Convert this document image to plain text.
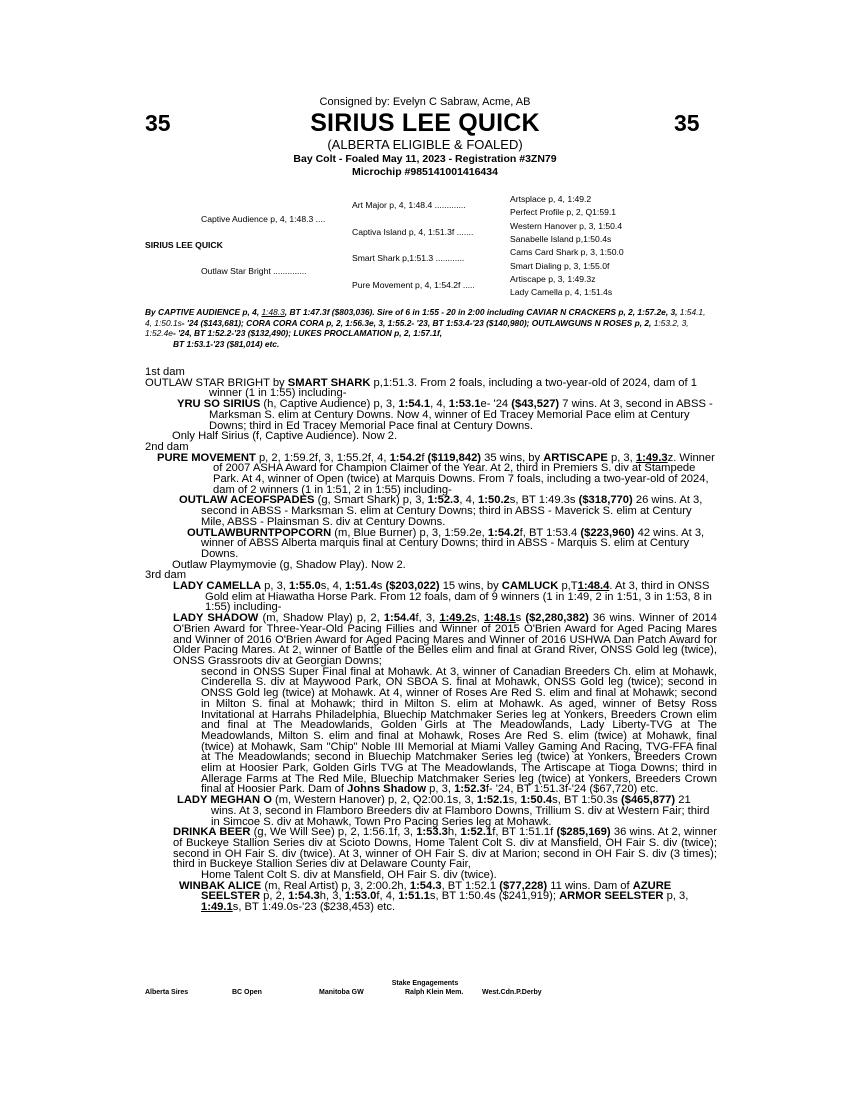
Consigned by: Evelyn C Sabraw, Acme, AB
35	SIRIUS LEE QUICK	35
(ALBERTA ELIGIBLE & FOALED)
Bay Colt - Foaled May 11, 2023 - Registration #3ZN79
Microchip #985141001416434
SIRIUS LEE QUICK
Captive Audience p, 4, 1:48.3 ....
Outlaw Star Bright ..............
Art Major p, 4, 1:48.4 .............
Captiva Island p, 4, 1:51.3f .......
Smart Shark p,1:51.3 ............
Pure Movement p, 4, 1:54.2f .....
Artsplace p, 4, 1:49.2
Perfect Profile p, 2, Q1:59.1
Western Hanover p, 3, 1:50.4
Sanabelle Island p,1:50.4s
Cams Card Shark p, 3, 1:50.0
Smart Dialing p, 3, 1:55.0f
Artiscape p, 3, 1:49.3z
Lady Camella p, 4, 1:51.4s
By CAPTIVE AUDIENCE p, 4, 1:48.3, BT 1:47.3f ($803,036). Sire of 6 in 1:55 - 20 in 2:00 including CAVIAR N CRACKERS p, 2, 1:57.2e, 3, 1:54.1, 4, 1:50.1s- '24 ($143,681); CORA CORA CORA p, 2, 1:56.3e, 3, 1:55.2- '23, BT 1:53.4-'23 ($140,980); OUTLAWGUNS N ROSES p, 2, 1:53.2, 3, 1:52.4e- '24, BT 1:52.2-'23 ($132,490); LUKES PROCLAMATION p, 2, 1:57.1f,
BT 1:53.1-'23 ($81,014) etc.

1st dam

OUTLAW STAR BRIGHT by SMART SHARK p,1:51.3. From 2 foals, including a two-year-old of 2024, dam of 1 winner (1 in 1:55) including-

YRU SO SIRIUS (h, Captive Audience) p, 3, 1:54.1, 4, 1:53.1e- '24 ($43,527) 7 wins. At 3, second in ABSS - Marksman S. elim at Century Downs. Now 4, winner of Ed Tracey Memorial Pace elim at Century Downs; third in Ed Tracey Memorial Pace final at Century Downs.

Only Half Sirius (f, Captive Audience). Now 2.

2nd dam

PURE MOVEMENT p, 2, 1:59.2f, 3, 1:55.2f, 4, 1:54.2f ($119,842) 35 wins, by ARTISCAPE p, 3, 1:49.3z. Winner of 2007 ASHA Award for Champion Claimer of the Year. At 2, third in Premiers S. div at Stampede Park. At 4, winner of Open (twice) at Marquis Downs. From 7 foals, including a two-year-old of 2024, dam of 2 winners (1 in 1:51, 2 in 1:55) including-

OUTLAW ACEOFSPADES (g, Smart Shark) p, 3, 1:52.3, 4, 1:50.2s, BT 1:49.3s ($318,770) 26 wins. At 3, second in ABSS - Marksman S. elim at Century Downs; third in ABSS - Maverick S. elim at Century Mile, ABSS - Plainsman S. div at Century Downs.

OUTLAWBURNTPOPCORN (m, Blue Burner) p, 3, 1:59.2e, 1:54.2f, BT 1:53.4 ($223,960) 42 wins. At 3, winner of ABSS Alberta marquis final at Century Downs; third in ABSS - Marquis S. elim at Century Downs.

Outlaw Playmymovie (g, Shadow Play). Now 2.

3rd dam

LADY CAMELLA p, 3, 1:55.0s, 4, 1:51.4s ($203,022) 15 wins, by CAMLUCK p,T1:48.4. At 3, third in ONSS Gold elim at Hiawatha Horse Park. From 12 foals, dam of 9 winners (1 in 1:49, 2 in 1:51, 3 in 1:53, 8 in 1:55) including-

LADY SHADOW (m, Shadow Play) p, 2, 1:54.4f, 3, 1:49.2s, 1:48.1s ($2,280,382) 36 wins. Winner of 2014 O'Brien Award for Three-Year-Old Pacing Fillies and Winner of 2015 O'Brien Award for Aged Pacing Mares and Winner of 2016 O'Brien Award for Aged Pacing Mares and Winner of 2016 USHWA Dan Patch Award for Older Pacing Mares. At 2, winner of Battle of the Belles elim and final at Grand River, ONSS Gold leg (twice), ONSS Grassroots div at Georgian Downs;

second in ONSS Super Final final at Mohawk. At 3, winner of Canadian Breeders Ch. elim at Mohawk, Cinderella S. div at Maywood Park, ON SBOA S. final at Mohawk, ONSS Gold leg (twice); second in ONSS Gold leg (twice) at Mohawk. At 4, winner of Roses Are Red S. elim and final at Mohawk; second in Milton S. final at Mohawk; third in Milton S. elim at Mohawk. As aged, winner of Betsy Ross Invitational at Harrahs Philadelphia, Bluechip Matchmaker Series leg at Yonkers, Breeders Crown elim and final at The Meadowlands, Golden Girls at The Meadowlands, Lady Liberty-TVG at The Meadowlands, Milton S. elim and final at Mohawk, Roses Are Red S. elim (twice) at Mohawk, final (twice) at Mohawk, Sam "Chip" Noble III Memorial at Miami Valley Gaming And Racing, TVG-FFA final at The Meadowlands; second in Bluechip Matchmaker Series leg (twice) at Yonkers, Breeders Crown elim at Hoosier Park, Golden Girls TVG at The Meadowlands, The Artiscape at Tioga Downs; third in Allerage Farms at The Red Mile, Bluechip Matchmaker Series leg (twice) at Yonkers, Breeders Crown final at Hoosier Park. Dam of Johns Shadow p, 3, 1:52.3f- '24, BT 1:51.3f-'24 ($67,720) etc.

LADY MEGHAN O (m, Western Hanover) p, 2, Q2:00.1s, 3, 1:52.1s, 1:50.4s, BT 1:50.3s ($465,877) 21 wins. At 3, second in Flamboro Breeders div at Flamboro Downs, Trillium S. div at Western Fair; third in Simcoe S. div at Mohawk, Town Pro Pacing Series leg at Mohawk.

DRINKA BEER (g, We Will See) p, 2, 1:56.1f, 3, 1:53.3h, 1:52.1f, BT 1:51.1f ($285,169) 36 wins. At 2, winner of Buckeye Stallion Series div at Scioto Downs, Home Talent Colt S. div at Mansfield, OH Fair S. div (twice); second in OH Fair S. div (twice). At 3, winner of OH Fair S. div at Marion; second in OH Fair S. div (3 times); third in Buckeye Stallion Series div at Delaware County Fair,

Home Talent Colt S. div at Mansfield, OH Fair S. div (twice).

WINBAK ALICE (m, Real Artist) p, 3, 2:00.2h, 1:54.3, BT 1:52.1 ($77,228) 11 wins. Dam of AZURE SEELSTER p, 2, 1:54.3h, 3, 1:53.0f, 4, 1:51.1s, BT 1:50.4s ($241,919); ARMOR SEELSTER p, 3, 1:49.1s, BT 1:49.0s-'23 ($238,453) etc.

Stake Engagements
Alberta Sires	BC Open	Manitoba GW	Ralph Klein Mem.	West.Cdn.P.Derby
